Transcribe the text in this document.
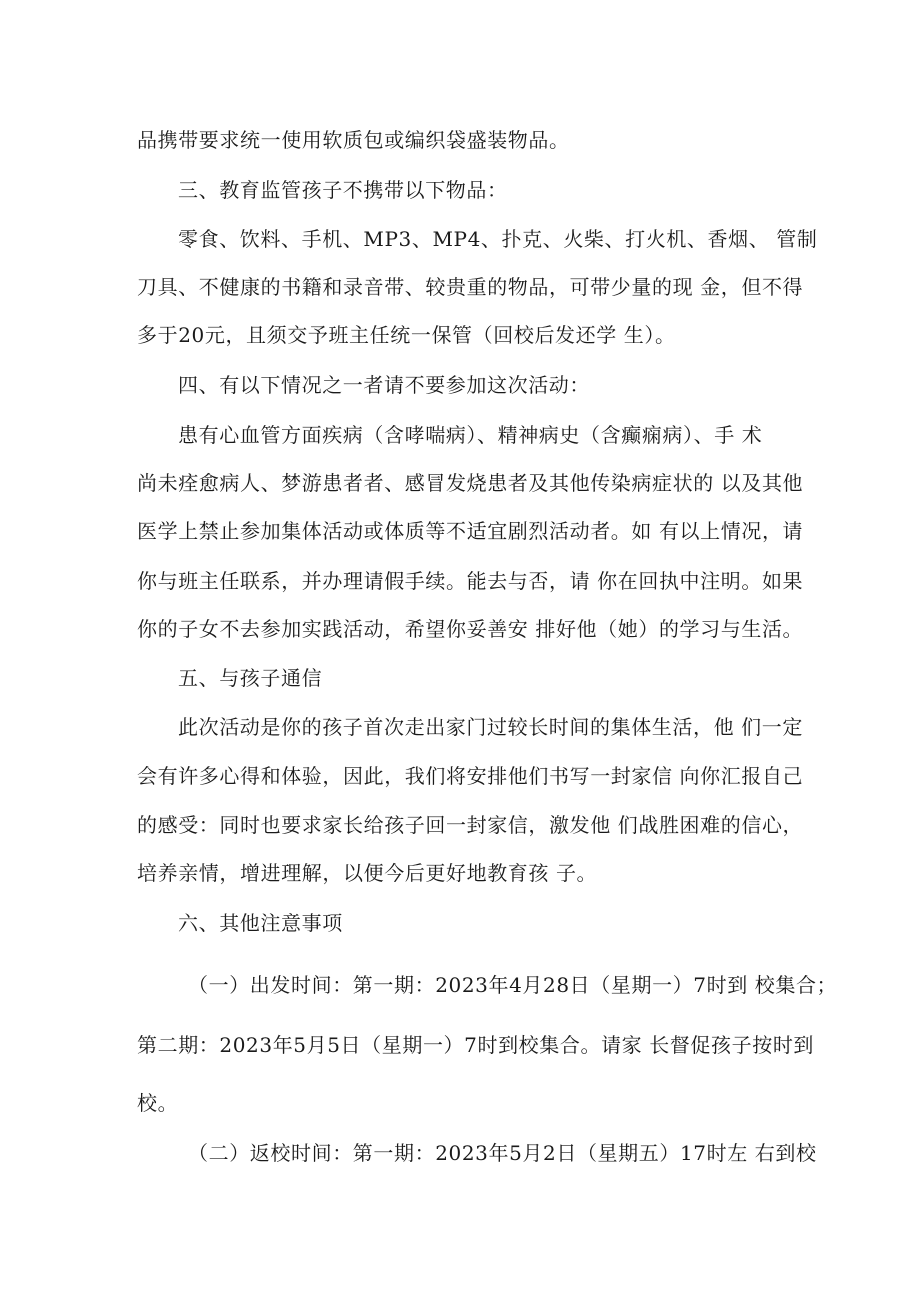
品携带要求统一使用软质包或编织袋盛装物品。
三、教育监管孩子不携带以下物品：
零食、饮料、手机、MP3、MP4、扑克、火柴、打火机、香烟、 管制
刀具、不健康的书籍和录音带、较贵重的物品，可带少量的现 金，但不得
多于20元，且须交予班主任统一保管（回校后发还学 生）。
四、有以下情况之一者请不要参加这次活动：
患有心血管方面疾病（含哮喘病）、精神病史（含癫痫病）、手 术
尚未痊愈病人、梦游患者者、感冒发烧患者及其他传染病症状的 以及其他
医学上禁止参加集体活动或体质等不适宜剧烈活动者。如 有以上情况，请
你与班主任联系，并办理请假手续。能去与否，请 你在回执中注明。如果
你的子女不去参加实践活动，希望你妥善安 排好他（她）的学习与生活。
五、与孩子通信
此次活动是你的孩子首次走出家门过较长时间的集体生活，他 们一定
会有许多心得和体验，因此，我们将安排他们书写一封家信 向你汇报自己
的感受：同时也要求家长给孩子回一封家信，激发他 们战胜困难的信心，
培养亲情，增进理解，以便今后更好地教育孩 子。
六、其他注意事项
（一）出发时间：第一期：2023年4月28日（星期一）7时到 校集合；
第二期：2023年5月5日（星期一）7时到校集合。请家 长督促孩子按时到
校。
（二）返校时间：第一期：2023年5月2日（星期五）17时左 右到校
